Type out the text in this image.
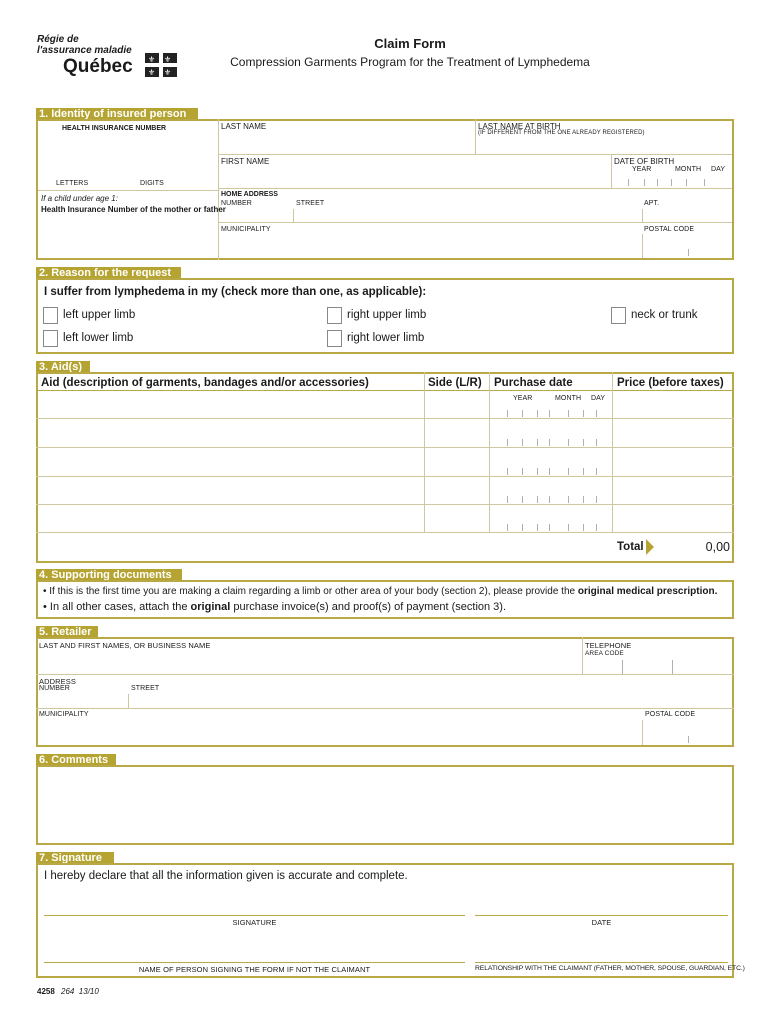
Régie de
l'assurance maladie
Québec ⚜ ⚜
⚜ ⚜
Claim Form
Compression Garments Program for the Treatment of Lymphedema
1. Identity of insured person
HEALTH INSURANCE NUMBER
LETTERS	DIGITS
If a child under age 1:
Health Insurance Number of the mother or father
LAST NAME	LAST NAME AT BIRTH
(IF DIFFERENT FROM THE ONE ALREADY REGISTERED)
FIRST NAME	DATE OF BIRTH
YEAR	MONTH DAY
HOME ADDRESS
NUMBER	STREET	APT.
MUNICIPALITY	POSTAL CODE
2. Reason for the request
I suffer from lymphedema in my (check more than one, as applicable):
left upper limb	right upper limb	neck or trunk
left lower limb	right lower limb
3. Aid(s)
Aid (description of garments, bandages and/or accessories)	Side (L/R) Purchase date	Price (before taxes)
YEAR	MONTH DAY
Total	0,00
4. Supporting documents
• If this is the first time you are making a claim regarding a limb or other area of your body (section 2), please provide the original medical prescription.
• In all other cases, attach the original purchase invoice(s) and proof(s) of payment (section 3).
5. Retailer
LAST AND FIRST NAMES, OR BUSINESS NAME	TELEPHONE
AREA CODE
ADDRESS
NUMBER	STREET
MUNICIPALITY	POSTAL CODE
6. Comments
7. Signature
I hereby declare that all the information given is accurate and complete.
SIGNATURE	DATE
NAME OF PERSON SIGNING THE FORM IF NOT THE CLAIMANT	RELATIONSHIP WITH THE CLAIMANT (FATHER, MOTHER, SPOUSE, GUARDIAN, ETC.)
4258 264  13/10
